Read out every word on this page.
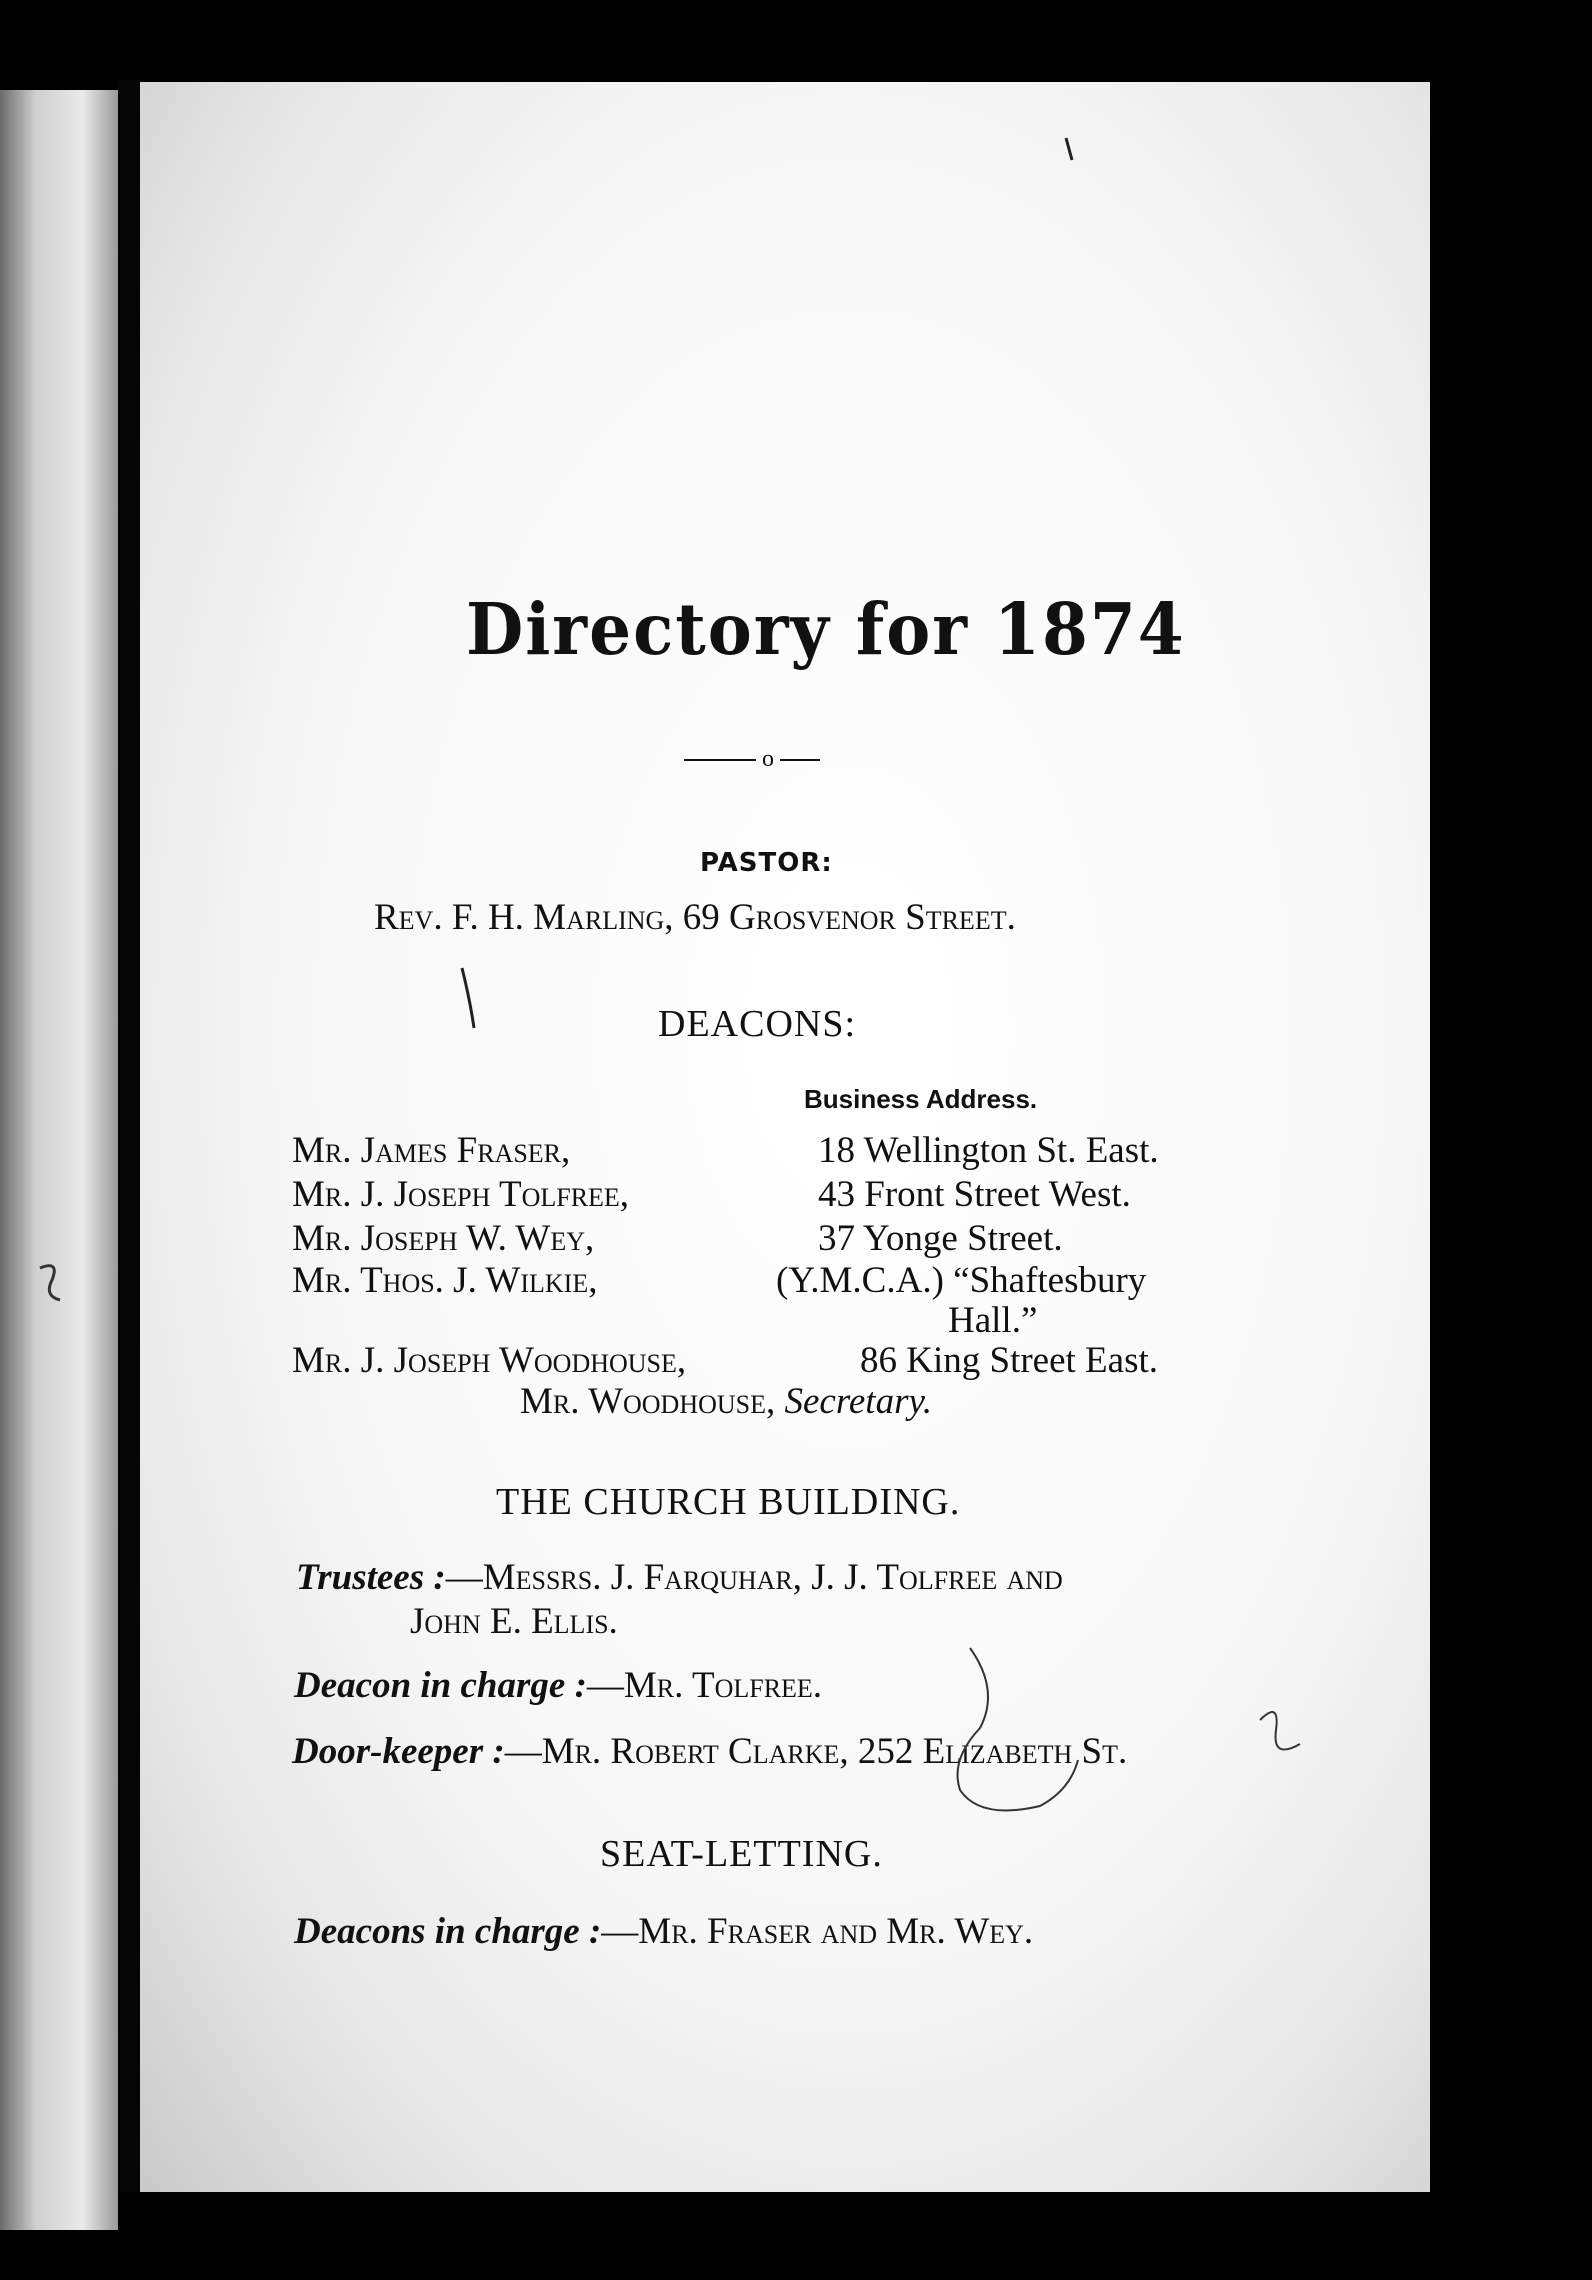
Directory for 1874
o
PASTOR:
Rev. F. H. Marling, 69 Grosvenor Street.
DEACONS:
Business Address.
Mr. James Fraser,	18 Wellington St. East.
Mr. J. Joseph Tolfree,	43 Front Street West.
Mr. Joseph W. Wey,	37 Yonge Street.
Mr. Thos. J. Wilkie,	(Y.M.C.A.) “Shaftesbury
Hall.”
Mr. J. Joseph Woodhouse,	86 King Street East.
Mr. Woodhouse, Secretary.
THE CHURCH BUILDING.
Trustees :—Messrs. J. Farquhar, J. J. Tolfree and
John E. Ellis.
Deacon in charge :—Mr. Tolfree.
Door-keeper :—Mr. Robert Clarke, 252 Elizabeth St.
SEAT-LETTING.
Deacons in charge :—Mr. Fraser and Mr. Wey.
